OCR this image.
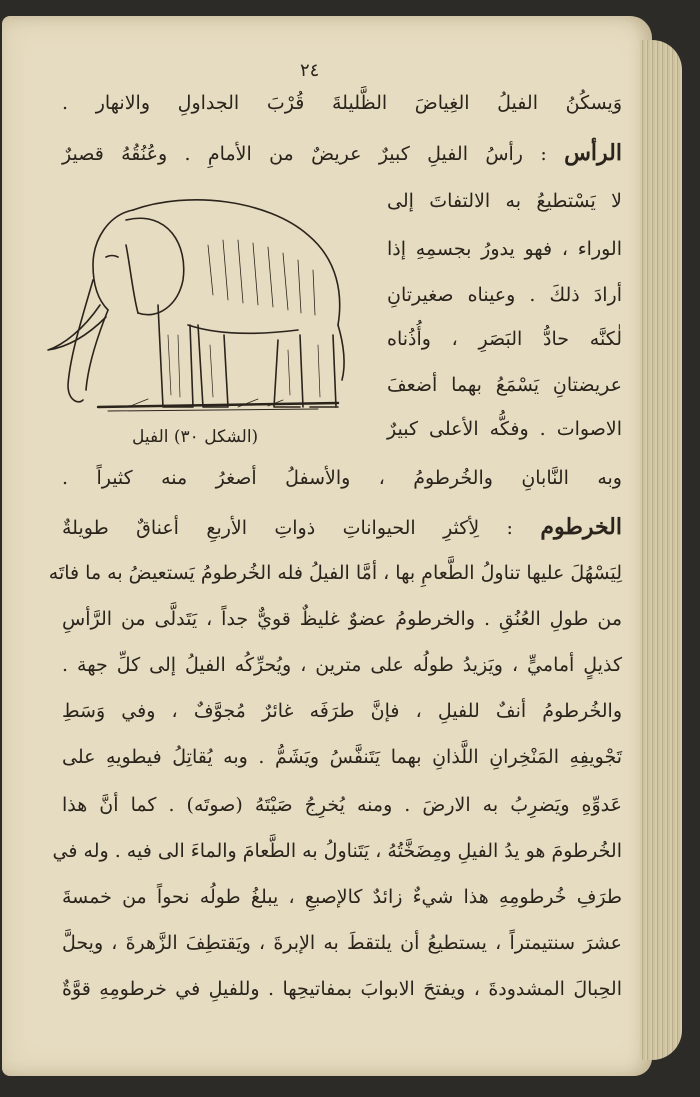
٢٤
وَيسكُنُ الفيلُ الغِياضَ الظَّليلةَ قُرْبَ الجداولِ والانهار .
الرأس : رأسُ الفيلِ كبيرٌ عريضٌ من الأمامِ . وعُنُقُهُ قصيرٌ
لا يَسْتطيعُ به الالتفاتَ إلى
الوراء ، فهو يدورُ بجسمِهِ إذا
أرادَ ذلكَ . وعيناه صغيرتانِ
لٰكنَّه حادُّ البَصَرِ ، وأُذُناه
عريضتانِ يَسْمَعُ بهما أضعفَ
الاصوات . وفكُّه الأعلى كبيرٌ
(الشكل ٣٠) الفيل
وبه النَّابانِ والخُرطومُ ، والأسفلُ أصغرُ منه كثيراً .
الخرطوم : لِأكثرِ الحيواناتِ ذواتِ الأربعِ أعناقٌ طويلةٌ
لِيَسْهُلَ عليها تناولُ الطَّعامِ بها ، أمَّا الفيلُ فله الخُرطومُ يَستعيضُ به ما فاتَه
من طولِ العُنُقِ . والخرطومُ عضوٌ غليظٌ قويٌّ جداً ، يَتَدلَّى من الرَّأسِ
كذيلٍ أماميٍّ ، ويَزيدُ طولُه على مترين ، ويُحرِّكُه الفيلُ إلى كلِّ جهة .
والخُرطومُ أنفٌ للفيلِ ، فإنَّ طرَفَه غائرٌ مُجوَّفٌ ، وفي وَسَطِ
تَجْويفِهِ المَنْخِرانِ اللَّذانِ بهما يَتَنفَّسُ ويَشَمُّ . وبه يُقاتِلُ فيطويهِ على
عَدوِّهِ ويَضرِبُ به الارضَ . ومنه يُخرِجُ صَيْتَهُ (صوتَه) . كما أنَّ هذا
الخُرطومَ هو يدُ الفيلِ ومِضَخَّتُهُ ، يَتَناولُ به الطَّعامَ والماءَ الى فيه . وله في
طرَفِ خُرطومِهِ هذا شيءٌ زائدٌ كالإصبعِ ، يبلغُ طولُه نحواً من خمسةَ
عشرَ سنتيمتراً ، يستطيعُ أن يلتقطَ به الإبرةَ ، ويَقتطِفَ الزَّهرةَ ، ويحلَّ
الحِبالَ المشدودةَ ، ويفتحَ الابوابَ بمفاتيحِها . وللفيلِ في خرطومِهِ قوَّةٌ
